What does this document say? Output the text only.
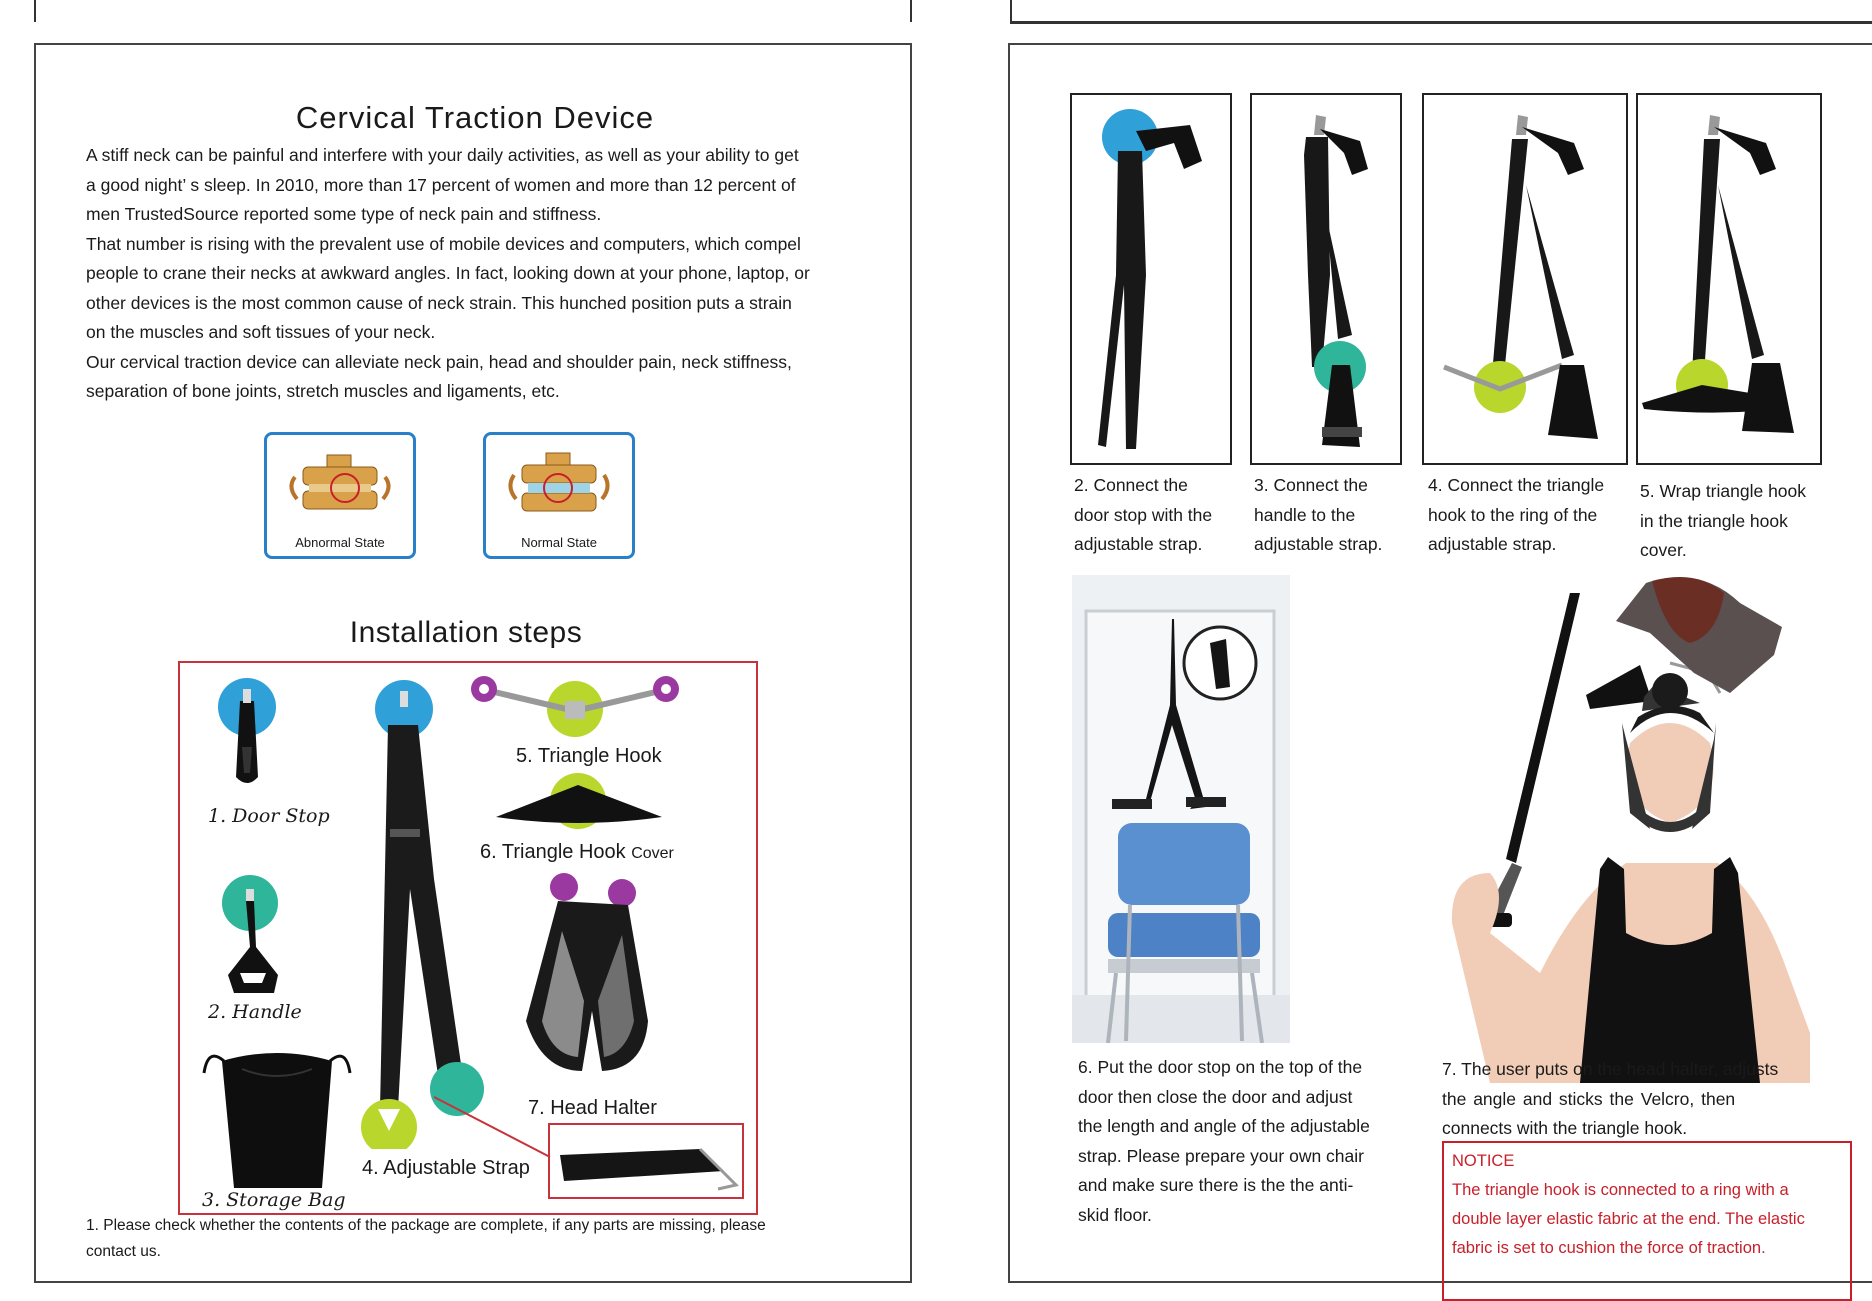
Cervical Traction Device
A stiff neck can be painful and interfere with your daily activities, as well as your ability to get
a good night’ s sleep. In 2010, more than 17 percent of women and more than 12 percent of
men TrustedSource reported some type of neck pain and stiffness.
That number is rising with the prevalent use of mobile devices and computers, which compel
people to crane their necks at awkward angles. In fact, looking down at your phone, laptop, or
other devices is the most common cause of neck strain. This hunched position puts a strain
on the muscles and soft tissues of your neck.
Our cervical traction device can alleviate neck pain, head and shoulder pain, neck stiffness,
separation of bone joints, stretch muscles and ligaments, etc.
Abnormal State	Normal State
Installation steps
1. Door Stop
2. Handle
3. Storage Bag
4. Adjustable Strap
5. Triangle Hook
6. Triangle Hook Cover
7. Head Halter
1. Please check whether the contents of the package are complete, if any parts are missing, please
contact us.
2. Connect the
door stop with the
adjustable strap.
3. Connect the
handle to the
adjustable strap.
4. Connect the triangle
hook to the ring of the
adjustable strap.
5. Wrap triangle hook
in the triangle hook
cover.
6. Put the door stop on the top of the
door then close the door and adjust
the length and angle of the adjustable
strap. Please prepare your own chair
and make sure there is the the anti-
skid floor.
7. The user puts on the head halter, adjusts
the angle and sticks the Velcro, then
connects with the triangle hook.
NOTICE
The triangle hook is connected to a ring with a
double layer elastic fabric at the end. The elastic
fabric is set to cushion the force of traction.
